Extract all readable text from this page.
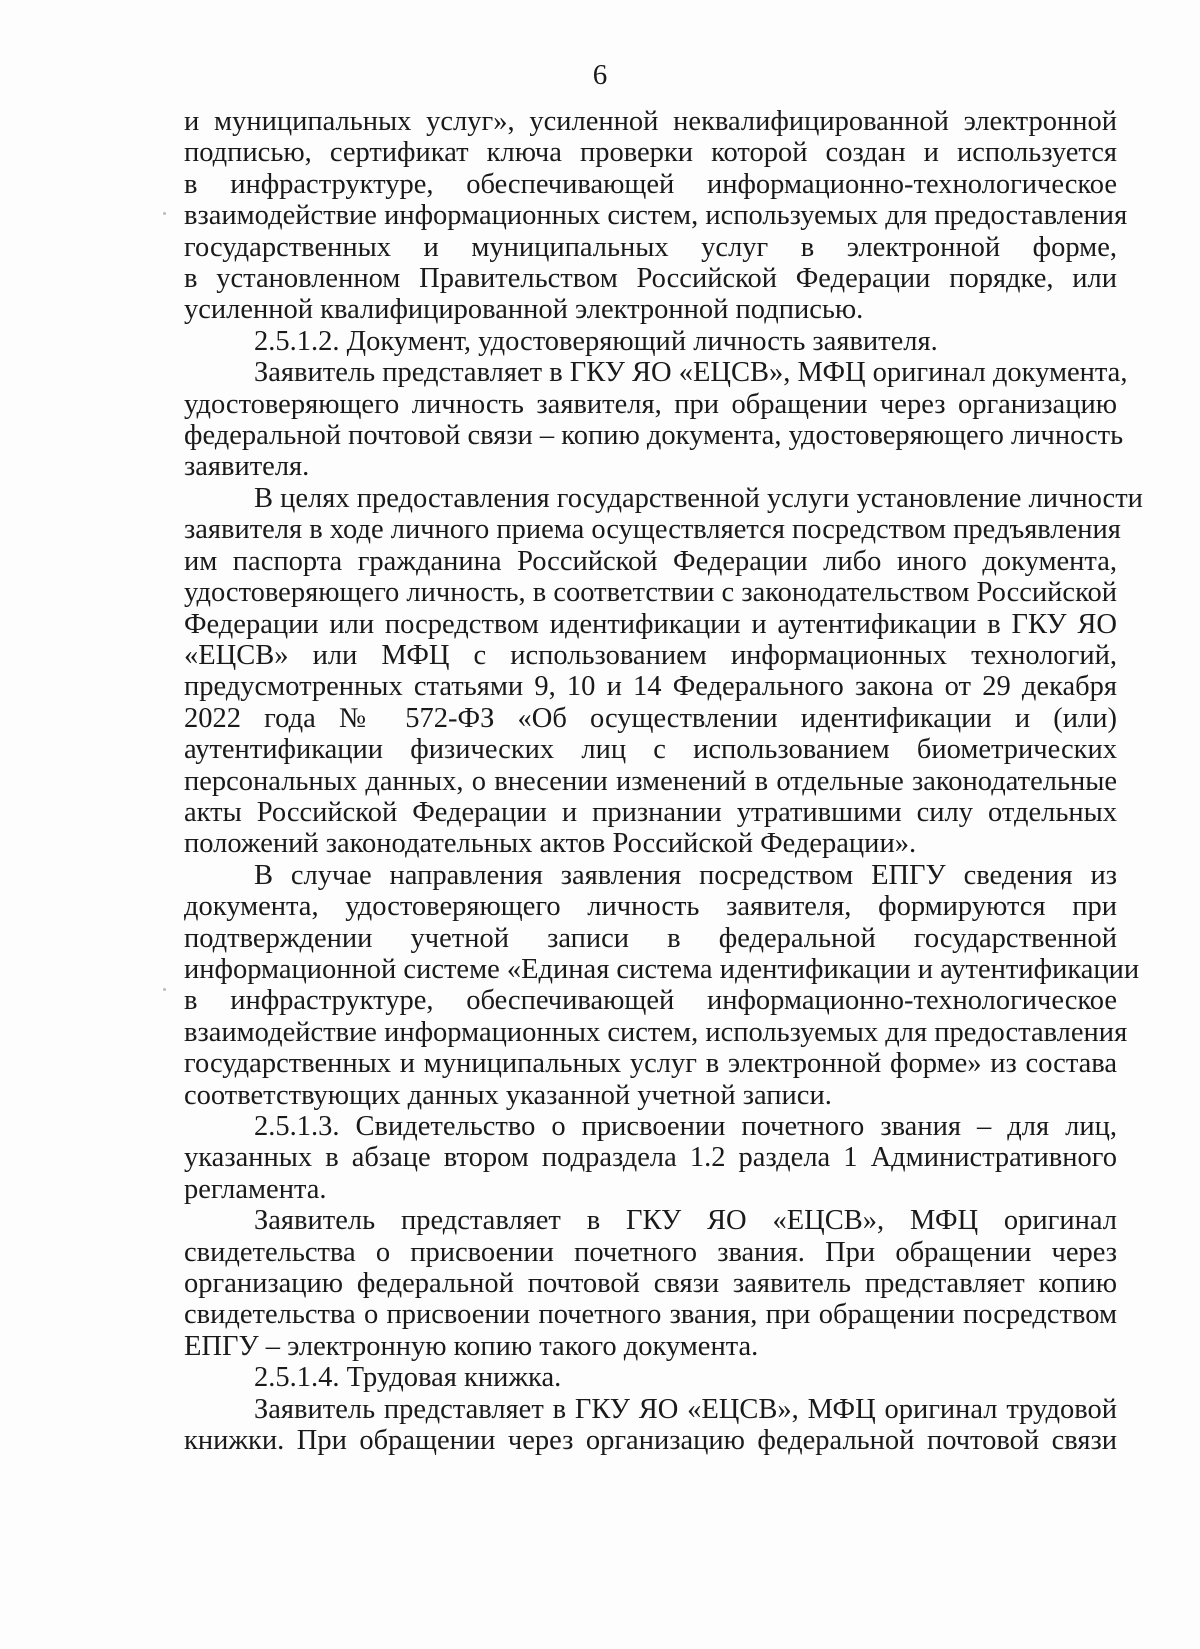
6
и муниципальных услуг», усиленной неквалифицированной электронной
подписью, сертификат ключа проверки которой создан и используется
в инфраструктуре, обеспечивающей информационно-технологическое
взаимодействие информационных систем, используемых для предоставления
государственных и муниципальных услуг в электронной форме,
в установленном Правительством Российской Федерации порядке, или
усиленной квалифицированной электронной подписью.
2.5.1.2. Документ, удостоверяющий личность заявителя.
Заявитель представляет в ГКУ ЯО «ЕЦСВ», МФЦ оригинал документа,
удостоверяющего личность заявителя, при обращении через организацию
федеральной почтовой связи – копию документа, удостоверяющего личность
заявителя.
В целях предоставления государственной услуги установление личности
заявителя в ходе личного приема осуществляется посредством предъявления
им паспорта гражданина Российской Федерации либо иного документа,
удостоверяющего личность, в соответствии с законодательством Российской
Федерации или посредством идентификации и аутентификации в ГКУ ЯО
«ЕЦСВ» или МФЦ с использованием информационных технологий,
предусмотренных статьями 9, 10 и 14 Федерального закона от 29 декабря
2022 года № 572-ФЗ «Об осуществлении идентификации и (или)
аутентификации физических лиц с использованием биометрических
персональных данных, о внесении изменений в отдельные законодательные
акты Российской Федерации и признании утратившими силу отдельных
положений законодательных актов Российской Федерации».
В случае направления заявления посредством ЕПГУ сведения из
документа, удостоверяющего личность заявителя, формируются при
подтверждении учетной записи в федеральной государственной
информационной системе «Единая система идентификации и аутентификации
в инфраструктуре, обеспечивающей информационно-технологическое
взаимодействие информационных систем, используемых для предоставления
государственных и муниципальных услуг в электронной форме» из состава
соответствующих данных указанной учетной записи.
2.5.1.3. Свидетельство о присвоении почетного звания – для лиц,
указанных в абзаце втором подраздела 1.2 раздела 1 Административного
регламента.
Заявитель представляет в ГКУ ЯО «ЕЦСВ», МФЦ оригинал
свидетельства о присвоении почетного звания. При обращении через
организацию федеральной почтовой связи заявитель представляет копию
свидетельства о присвоении почетного звания, при обращении посредством
ЕПГУ – электронную копию такого документа.
2.5.1.4. Трудовая книжка.
Заявитель представляет в ГКУ ЯО «ЕЦСВ», МФЦ оригинал трудовой
книжки. При обращении через организацию федеральной почтовой связи
